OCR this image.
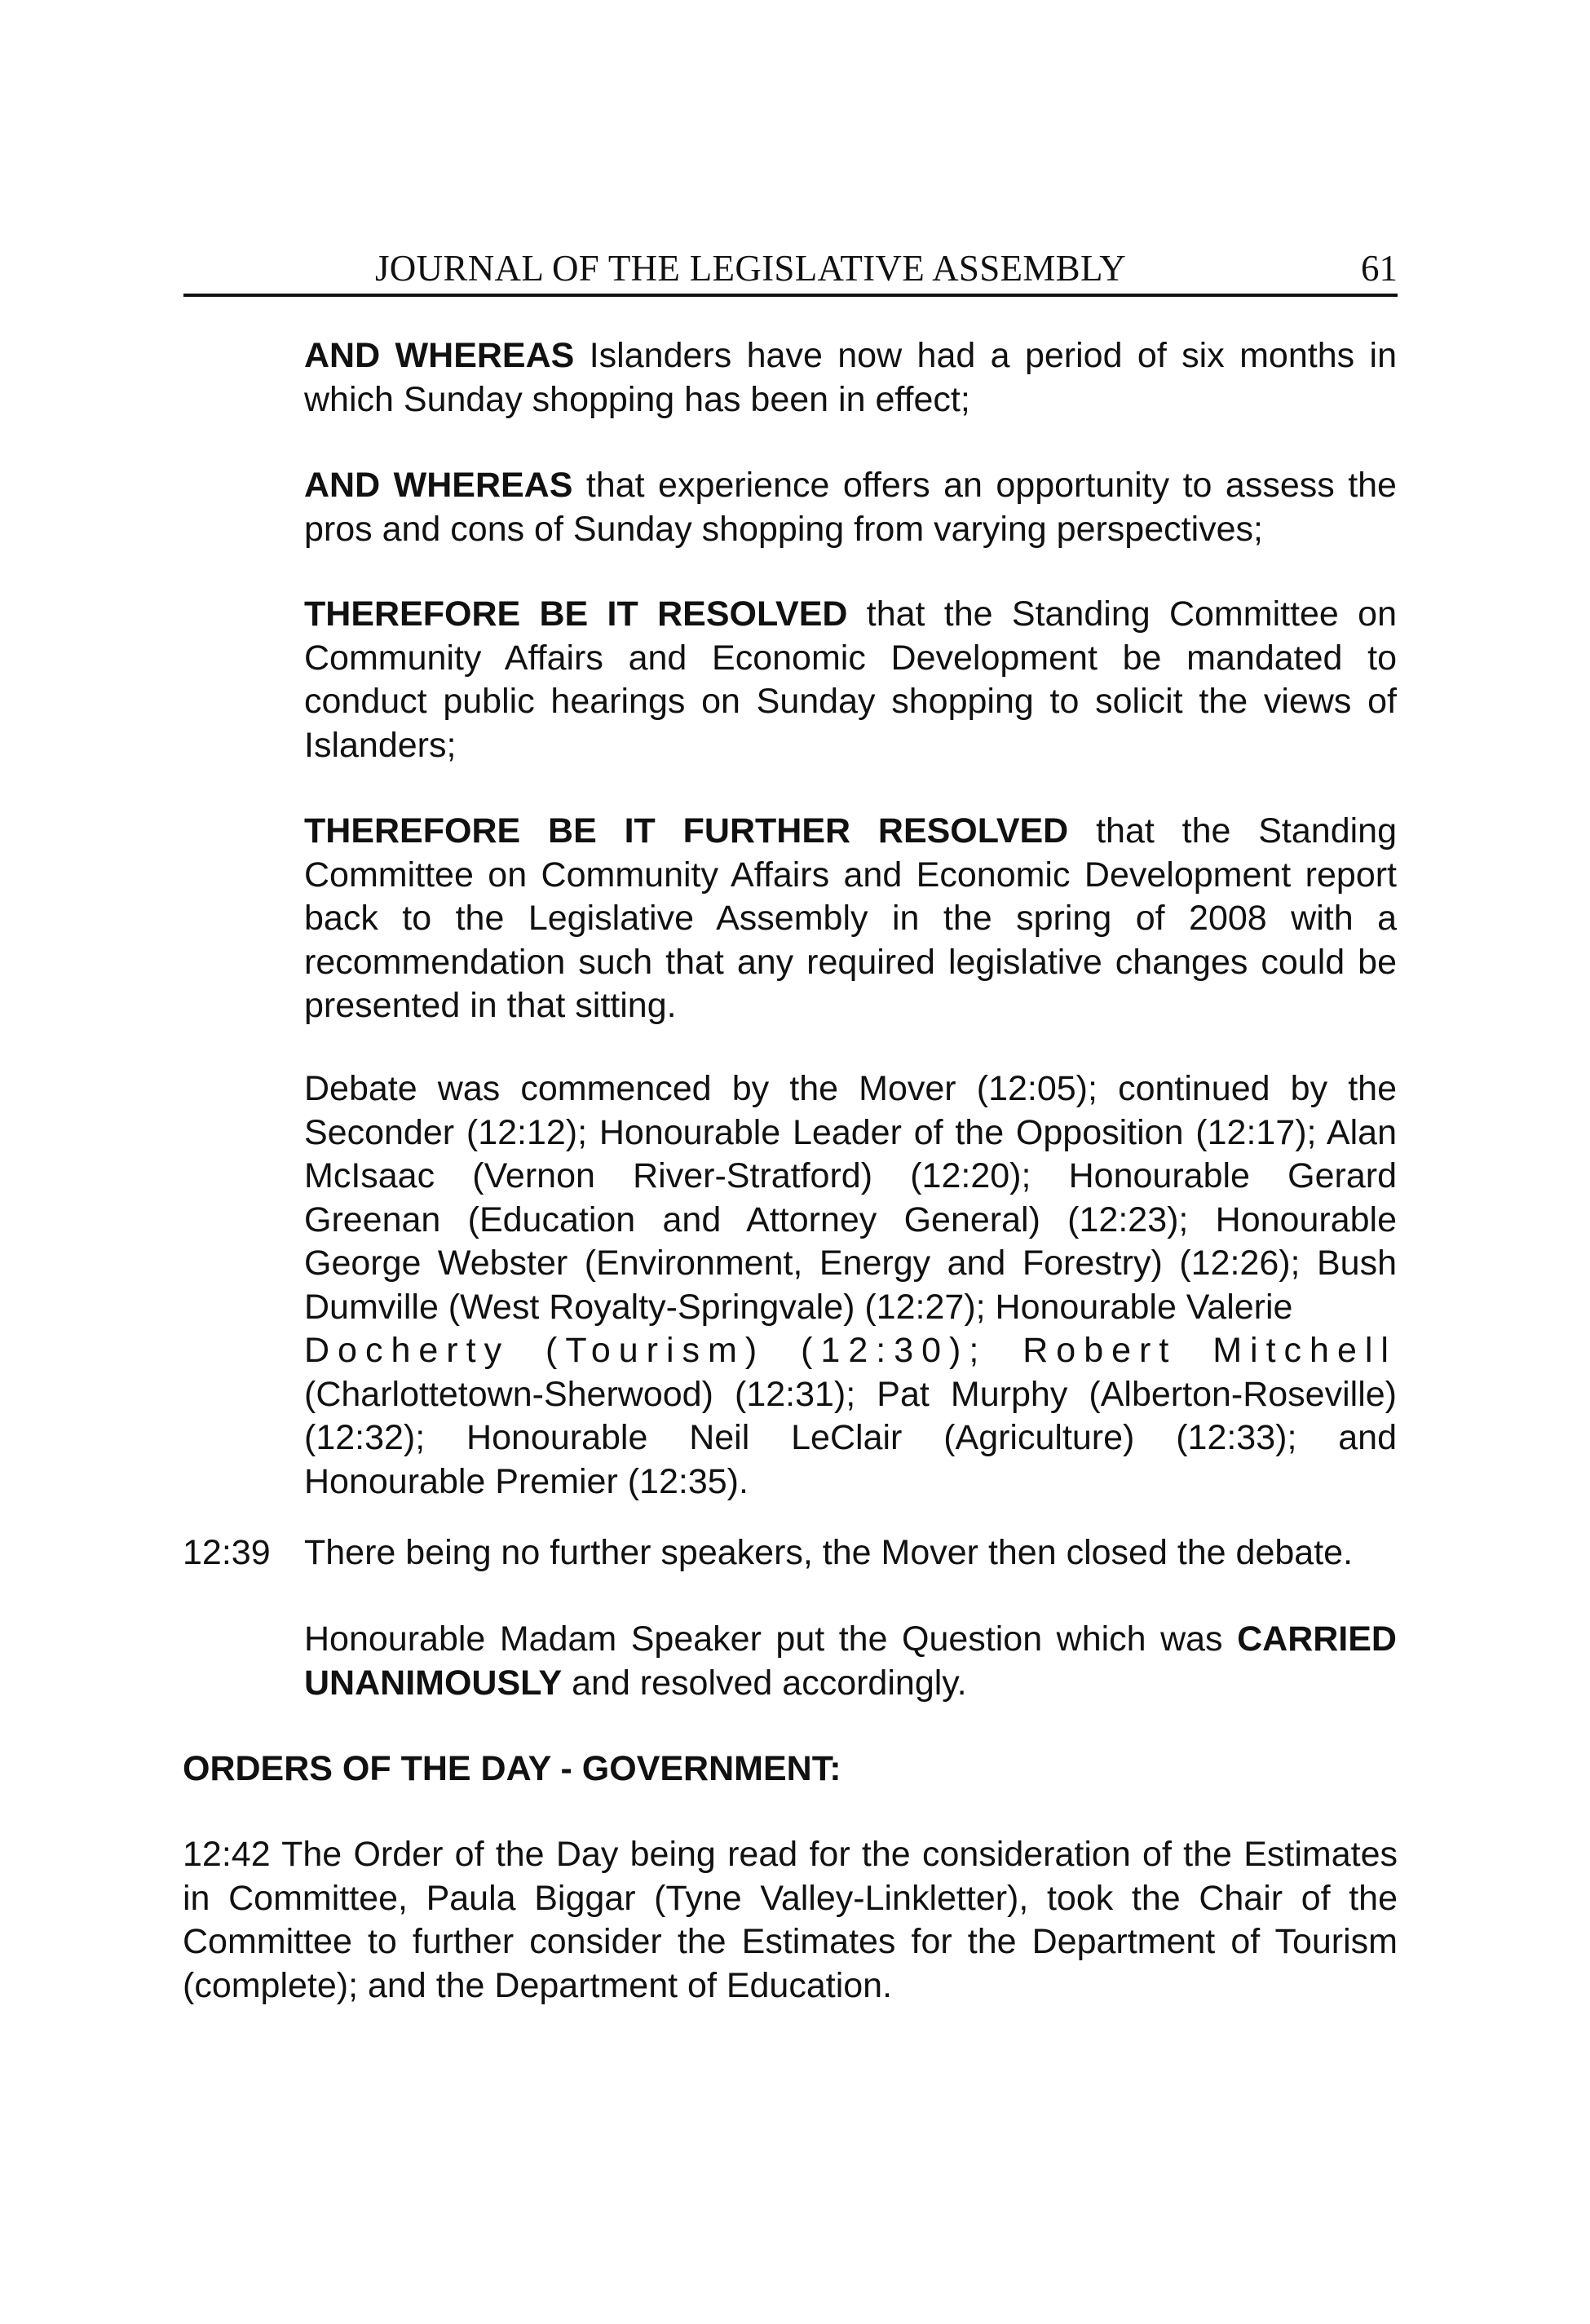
JOURNAL OF THE LEGISLATIVE ASSEMBLY	61

AND WHEREAS Islanders have now had a period of six months in which Sunday shopping has been in effect;

AND WHEREAS that experience offers an opportunity to assess the pros and cons of Sunday shopping from varying perspectives;

THEREFORE BE IT RESOLVED that the Standing Committee on Community Affairs and Economic Development be mandated to conduct public hearings on Sunday shopping to solicit the views of Islanders;

THEREFORE BE IT FURTHER RESOLVED that the Standing Committee on Community Affairs and Economic Development report back to the Legislative Assembly in the spring of 2008 with a recommendation such that any required legislative changes could be presented in that sitting.

Debate was commenced by the Mover (12:05); continued by the Seconder (12:12); Honourable Leader of the Opposition (12:17); Alan McIsaac (Vernon River-Stratford) (12:20); Honourable Gerard Greenan (Education and Attorney General) (12:23); Honourable George Webster (Environment, Energy and Forestry) (12:26); Bush Dumville (West Royalty-Springvale) (12:27); Honourable Valerie

Docherty (Tourism) (12:30); Robert Mitchell

(Charlottetown-Sherwood) (12:31); Pat Murphy (Alberton-Roseville) (12:32); Honourable Neil LeClair (Agriculture) (12:33); and Honourable Premier (12:35).

12:39 There being no further speakers, the Mover then closed the debate.

Honourable Madam Speaker put the Question which was CARRIED UNANIMOUSLY and resolved accordingly.

ORDERS OF THE DAY - GOVERNMENT:

12:42 The Order of the Day being read for the consideration of the Estimates in Committee, Paula Biggar (Tyne Valley-Linkletter), took the Chair of the Committee to further consider the Estimates for the Department of Tourism (complete); and the Department of Education.
